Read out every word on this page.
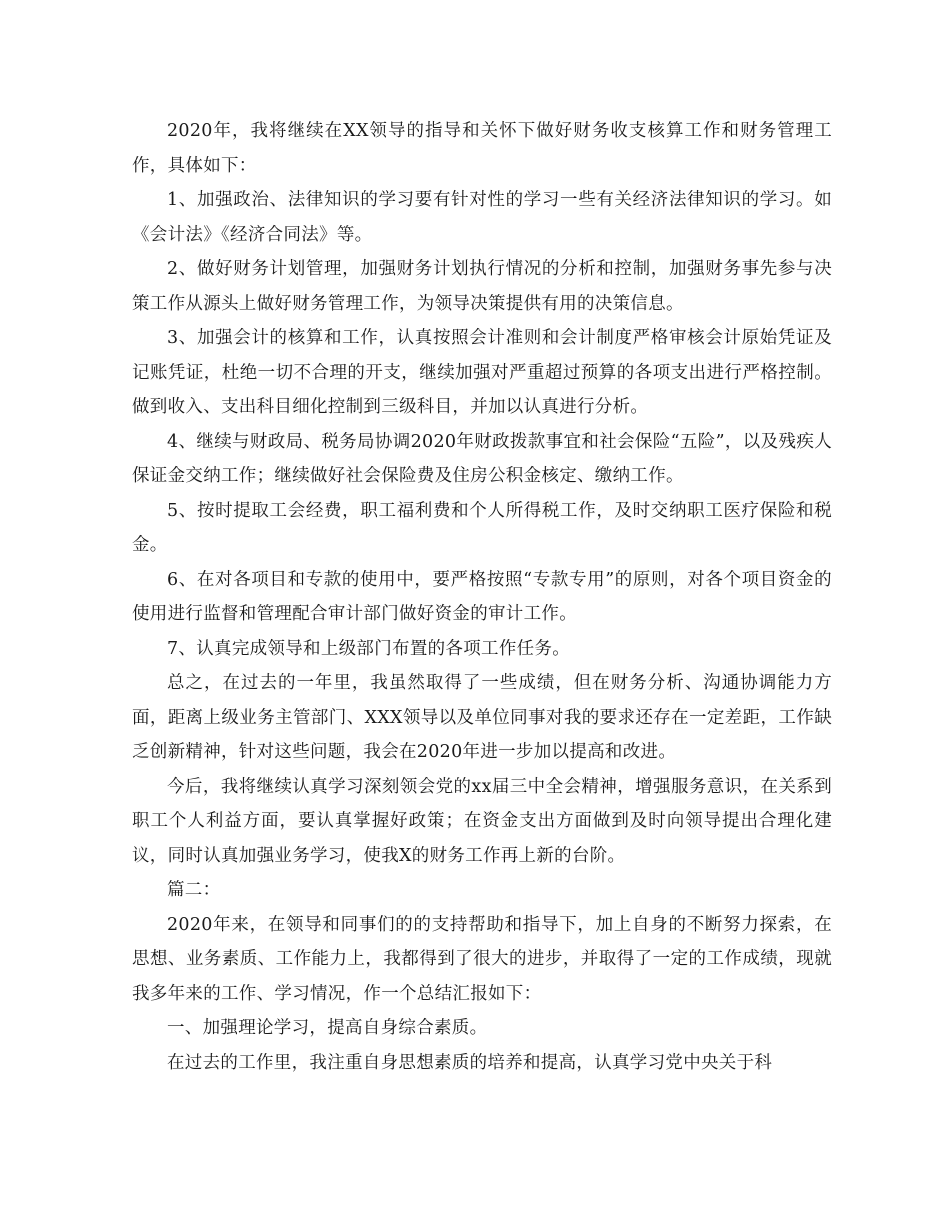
2020年，我将继续在XX领导的指导和关怀下做好财务收支核算工作和财务管理工作，具体如下：

1、加强政治、法律知识的学习要有针对性的学习一些有关经济法律知识的学习。如《会计法》《经济合同法》等。

2、做好财务计划管理，加强财务计划执行情况的分析和控制，加强财务事先参与决策工作从源头上做好财务管理工作，为领导决策提供有用的决策信息。

3、加强会计的核算和工作，认真按照会计准则和会计制度严格审核会计原始凭证及记账凭证，杜绝一切不合理的开支，继续加强对严重超过预算的各项支出进行严格控制。做到收入、支出科目细化控制到三级科目，并加以认真进行分析。

4、继续与财政局、税务局协调2020年财政拨款事宜和社会保险“五险”，以及残疾人保证金交纳工作；继续做好社会保险费及住房公积金核定、缴纳工作。

5、按时提取工会经费，职工福利费和个人所得税工作，及时交纳职工医疗保险和税金。

6、在对各项目和专款的使用中，要严格按照“专款专用”的原则，对各个项目资金的使用进行监督和管理配合审计部门做好资金的审计工作。

7、认真完成领导和上级部门布置的各项工作任务。

总之，在过去的一年里，我虽然取得了一些成绩，但在财务分析、沟通协调能力方面，距离上级业务主管部门、XXX领导以及单位同事对我的要求还存在一定差距，工作缺乏创新精神，针对这些问题，我会在2020年进一步加以提高和改进。

今后，我将继续认真学习深刻领会党的xx届三中全会精神，增强服务意识，在关系到职工个人利益方面，要认真掌握好政策；在资金支出方面做到及时向领导提出合理化建议，同时认真加强业务学习，使我X的财务工作再上新的台阶。

篇二：

2020年来，在领导和同事们的的支持帮助和指导下，加上自身的不断努力探索，在思想、业务素质、工作能力上，我都得到了很大的进步，并取得了一定的工作成绩，现就我多年来的工作、学习情况，作一个总结汇报如下：

一、加强理论学习，提高自身综合素质。

在过去的工作里，我注重自身思想素质的培养和提高，认真学习党中央关于科
